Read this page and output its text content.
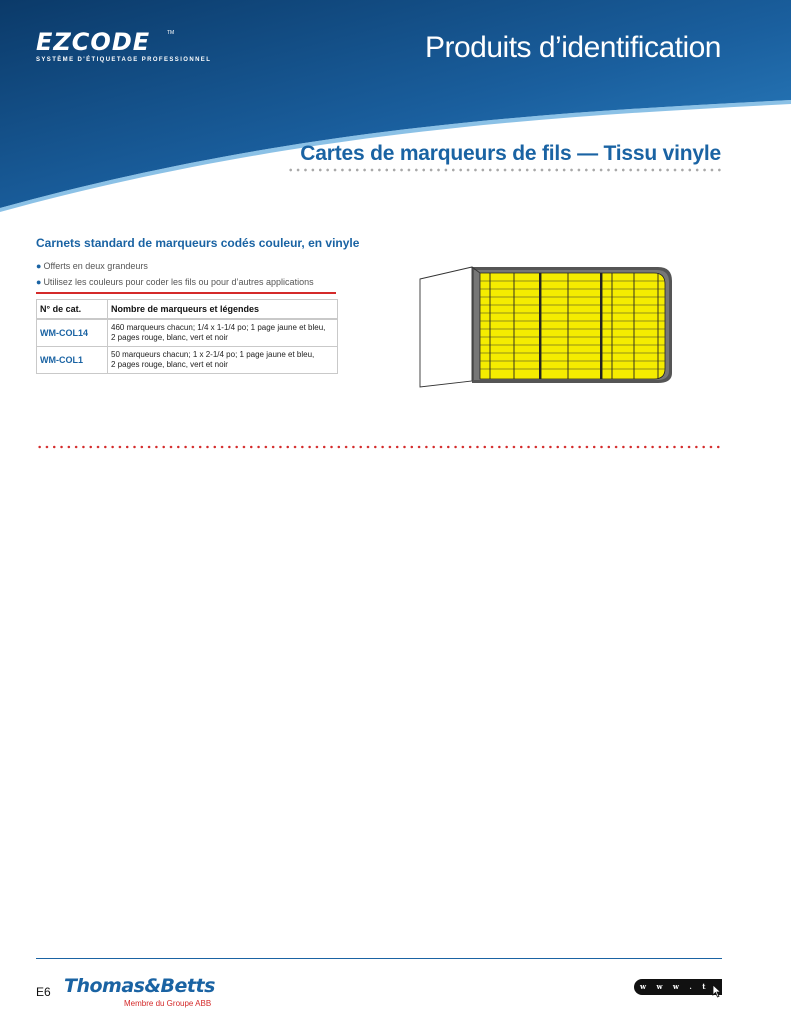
EZCODE
SYSTÈME D'ÉTIQUETAGE PROFESSIONNEL
TM	Produits d’identification
Cartes de marqueurs de fils — Tissu vinyle
Carnets standard de marqueurs codés couleur, en vinyle
● Offerts en deux grandeurs
● Utilisez les couleurs pour coder les fils ou pour d’autres applications
N° de cat.	Nombre de marqueurs et légendes
WM-COL14	460 marqueurs chacun; 1/4 x 1-1/4 po; 1 page jaune et bleu,
2 pages rouge, blanc, vert et noir
WM-COL1	50 marqueurs chacun; 1 x 2-1/4 po; 1 page jaune et bleu,
2 pages rouge, blanc, vert et noir
E6 Thomas&Betts
Membre du Groupe ABB
w w w . t n b . c a
